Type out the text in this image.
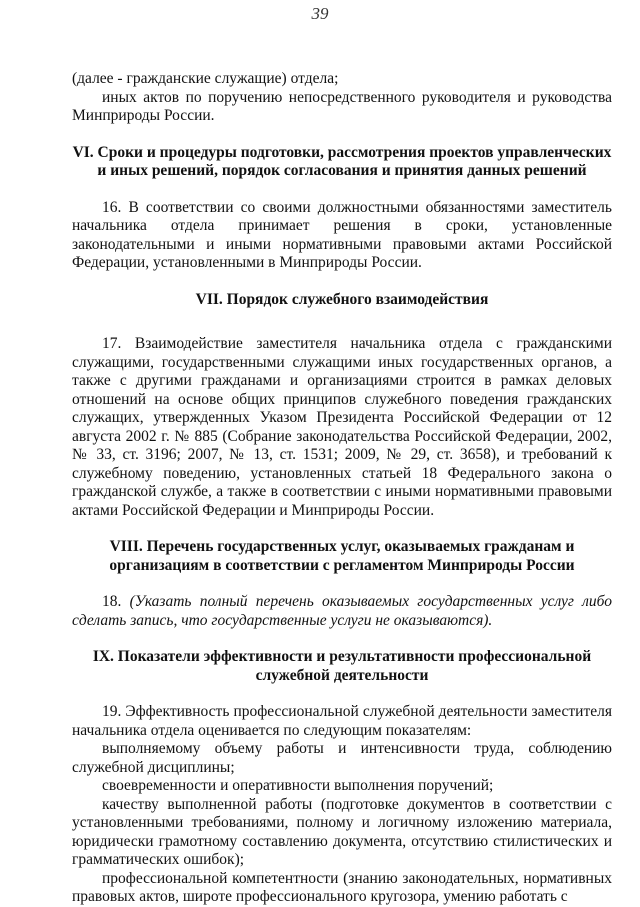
39

(далее - гражданские служащие) отдела;

иных актов по поручению непосредственного руководителя и руководства Минприроды России.

VI. Сроки и процедуры подготовки, рассмотрения проектов управленческих и иных решений, порядок согласования и принятия данных решений

16. В соответствии со своими должностными обязанностями заместитель начальника отдела принимает решения в сроки, установленные законодательными и иными нормативными правовыми актами Российской Федерации, установленными в Минприроды России.

VII. Порядок служебного взаимодействия

17. Взаимодействие заместителя начальника отдела с гражданскими служащими, государственными служащими иных государственных органов, а также с другими гражданами и организациями строится в рамках деловых отношений на основе общих принципов служебного поведения гражданских служащих, утвержденных Указом Президента Российской Федерации от 12 августа 2002 г. № 885 (Собрание законодательства Российской Федерации, 2002, № 33, ст. 3196; 2007, № 13, ст. 1531; 2009, № 29, ст. 3658), и требований к служебному поведению, установленных статьей 18 Федерального закона о гражданской службе, а также в соответствии с иными нормативными правовыми актами Российской Федерации и Минприроды России.

VIII. Перечень государственных услуг, оказываемых гражданам и организациям в соответствии с регламентом Минприроды России

18. (Указать полный перечень оказываемых государственных услуг либо сделать запись, что государственные услуги не оказываются).

IX. Показатели эффективности и результативности профессиональной служебной деятельности

19. Эффективность профессиональной служебной деятельности заместителя начальника отдела оценивается по следующим показателям:

выполняемому объему работы и интенсивности труда, соблюдению служебной дисциплины;

своевременности и оперативности выполнения поручений;

качеству выполненной работы (подготовке документов в соответствии с установленными требованиями, полному и логичному изложению материала, юридически грамотному составлению документа, отсутствию стилистических и грамматических ошибок);

профессиональной компетентности (знанию законодательных, нормативных правовых актов, широте профессионального кругозора, умению работать с
